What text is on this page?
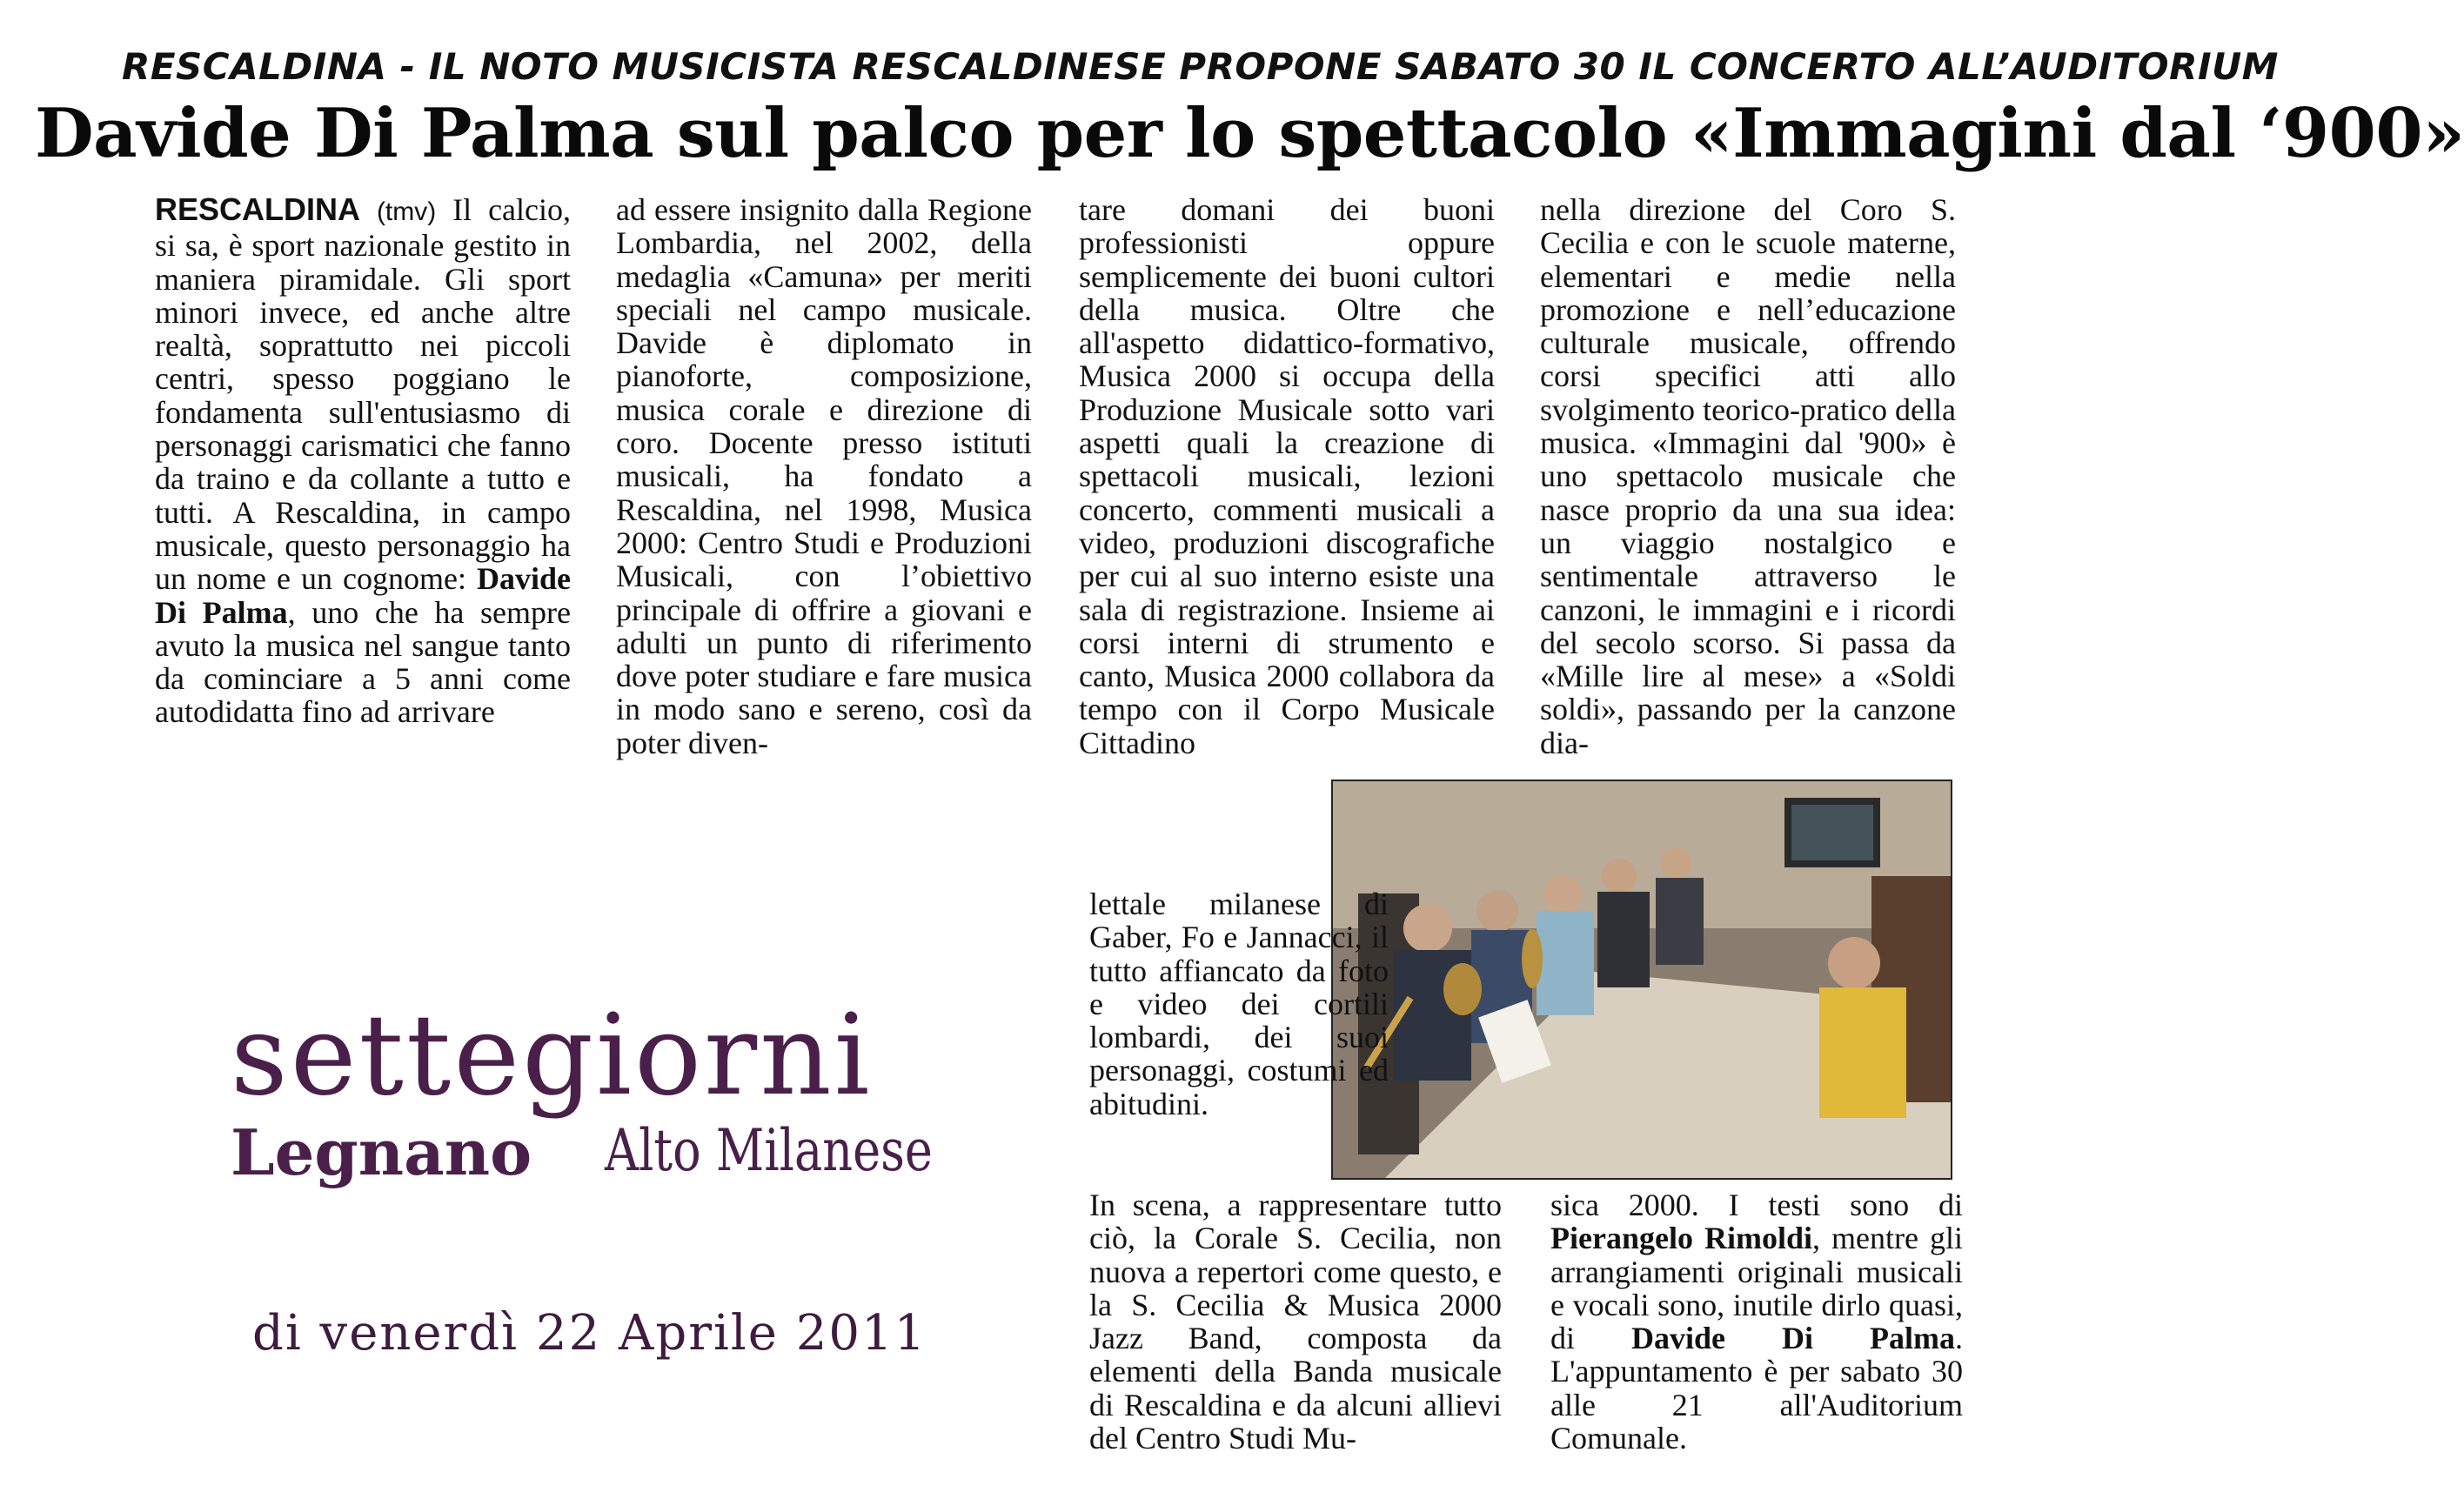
RESCALDINA - IL NOTO MUSICISTA RESCALDINESE PROPONE SABATO 30 IL CONCERTO ALL’AUDITORIUM
Davide Di Palma sul palco per lo spettacolo «Immagini dal ‘900»

RESCALDINA (tmv) Il calcio, si sa, è sport nazionale gestito in maniera piramidale. Gli sport minori invece, ed anche altre realtà, soprattutto nei piccoli centri, spesso poggiano le fondamenta sull'entusiasmo di personaggi carismatici che fanno da traino e da collante a tutto e tutti. A Rescaldina, in campo musicale, questo personaggio ha un nome e un cognome: Davide Di Palma, uno che ha sempre avuto la musica nel sangue tanto da cominciare a 5 anni come autodidatta fino ad arrivare

ad essere insignito dalla Regione Lombardia, nel 2002, della medaglia «Camuna» per meriti speciali nel campo musicale. Davide è diplomato in pianoforte, composizione, musica corale e direzione di coro. Docente presso istituti musicali, ha fondato a Rescaldina, nel 1998, Musica 2000: Centro Studi e Produzioni Musicali, con l’obiettivo principale di offrire a giovani e adulti un punto di riferimento dove poter studiare e fare musica in modo sano e sereno, così da poter diven-

tare domani dei buoni professionisti oppure semplicemente dei buoni cultori della musica. Oltre che all'aspetto didattico-formativo, Musica 2000 si occupa della Produzione Musicale sotto vari aspetti quali la creazione di spettacoli musicali, lezioni concerto, commenti musicali a video, produzioni discografiche per cui al suo interno esiste una sala di registrazione. Insieme ai corsi interni di strumento e canto, Musica 2000 collabora da tempo con il Corpo Musicale Cittadino

nella direzione del Coro S. Cecilia e con le scuole materne, elementari e medie nella promozione e nell’educazione culturale musicale, offrendo corsi specifici atti allo svolgimento teorico-pratico della musica. «Immagini dal '900» è uno spettacolo musicale che nasce proprio da una sua idea: un viaggio nostalgico e sentimentale attraverso le canzoni, le immagini e i ricordi del secolo scorso. Si passa da «Mille lire al mese» a «Soldi soldi», passando per la canzone dia-

lettale milanese di Gaber, Fo e Jannacci, il tutto affiancato da foto e video dei cortili lombardi, dei suoi personaggi, costumi ed abitudini.

In scena, a rappresentare tutto ciò, la Corale S. Cecilia, non nuova a repertori come questo, e la S. Cecilia & Musica 2000 Jazz Band, composta da elementi della Banda musicale di Rescaldina e da alcuni allievi del Centro Studi Mu-

sica 2000. I testi sono di Pierangelo Rimoldi, mentre gli arrangiamenti originali musicali e vocali sono, inutile dirlo quasi, di Davide Di Palma. L'appuntamento è per sabato 30 alle 21 all'Auditorium Comunale.

settegiorni
Legnano Alto Milanese
di venerdì 22 Aprile 2011
